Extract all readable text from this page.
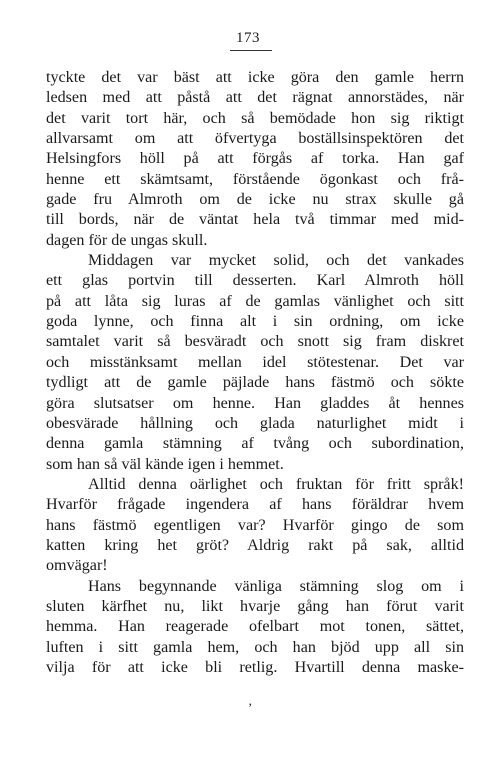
173
tyckte det var bäst att icke göra den gamle herrn
ledsen med att påstå att det rägnat annorstädes, när
det varit tort här, och så bemödade hon sig riktigt
allvarsamt om att öfvertyga boställsinspektören det
Helsingfors höll på att förgås af torka. Han gaf
henne ett skämtsamt, förstående ögonkast och frå-
gade fru Almroth om de icke nu strax skulle gå
till bords, när de väntat hela två timmar med mid-
dagen för de ungas skull.
Middagen var mycket solid, och det vankades
ett glas portvin till desserten. Karl Almroth höll
på att låta sig luras af de gamlas vänlighet och sitt
goda lynne, och finna alt i sin ordning, om icke
samtalet varit så besväradt och snott sig fram diskret
och misstänksamt mellan idel stötestenar. Det var
tydligt att de gamle päjlade hans fästmö och sökte
göra slutsatser om henne. Han gladdes åt hennes
obesvärade hållning och glada naturlighet midt i
denna gamla stämning af tvång och subordination,
som han så väl kände igen i hemmet.
Alltid denna oärlighet och fruktan för fritt språk!
Hvarför frågade ingendera af hans föräldrar hvem
hans fästmö egentligen var? Hvarför gingo de som
katten kring het gröt? Aldrig rakt på sak, alltid
omvägar!
Hans begynnande vänliga stämning slog om i
sluten kärfhet nu, likt hvarje gång han förut varit
hemma. Han reagerade ofelbart mot tonen, sättet,
luften i sitt gamla hem, och han bjöd upp all sin
vilja för att icke bli retlig. Hvartill denna maske-
ʼ
